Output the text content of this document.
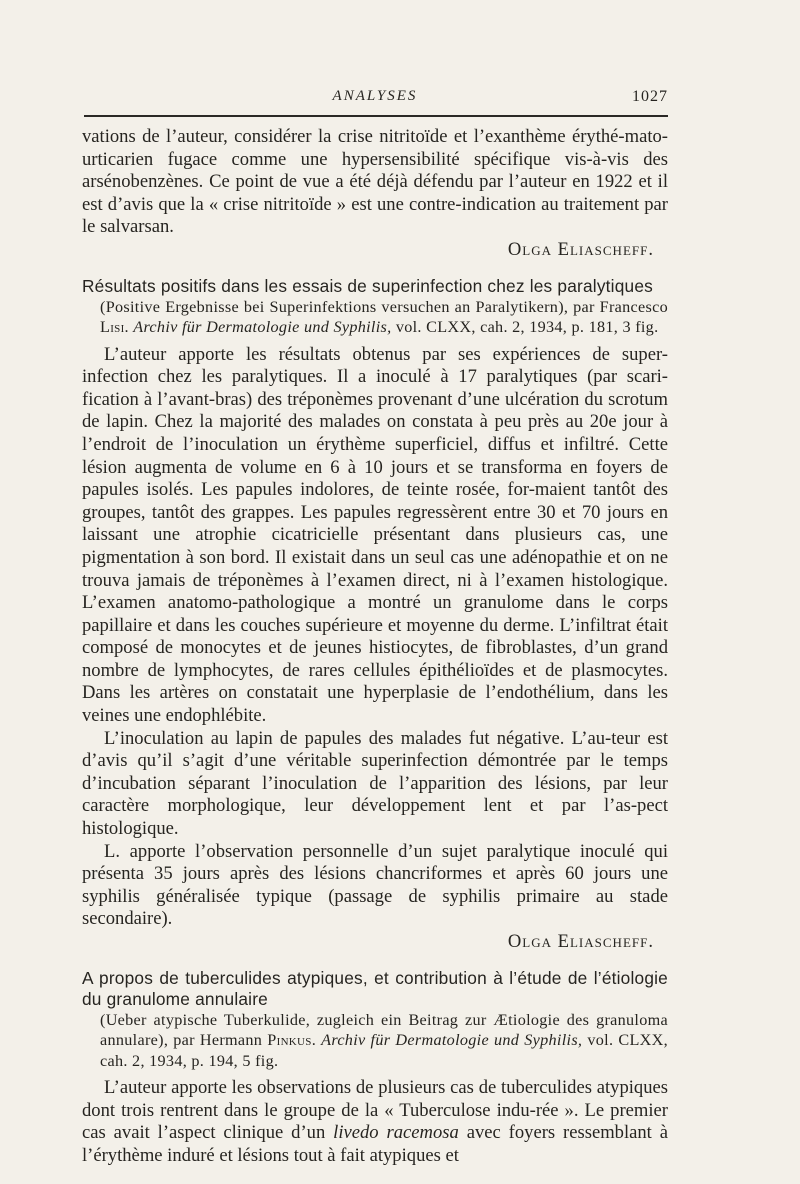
ANALYSES	1027

vations de l’auteur, considérer la crise nitritoïde et l’exanthème érythé-mato-urticarien fugace comme une hypersensibilité spécifique vis-à-vis des arsénobenzènes. Ce point de vue a été déjà défendu par l’auteur en 1922 et il est d’avis que la « crise nitritoïde » est une contre-indication au traitement par le salvarsan.

Olga Eliascheff.

Résultats positifs dans les essais de superinfection chez les paralytiques
(Positive Ergebnisse bei Superinfektions versuchen an Paralytikern), par Francesco Lisi. Archiv für Dermatologie und Syphilis, vol. CLXX, cah. 2, 1934, p. 181, 3 fig.

L’auteur apporte les résultats obtenus par ses expériences de super-infection chez les paralytiques. Il a inoculé à 17 paralytiques (par scari-fication à l’avant-bras) des tréponèmes provenant d’une ulcération du scrotum de lapin. Chez la majorité des malades on constata à peu près au 20e jour à l’endroit de l’inoculation un érythème superficiel, diffus et infiltré. Cette lésion augmenta de volume en 6 à 10 jours et se transforma en foyers de papules isolés. Les papules indolores, de teinte rosée, for-maient tantôt des groupes, tantôt des grappes. Les papules regressèrent entre 30 et 70 jours en laissant une atrophie cicatricielle présentant dans plusieurs cas, une pigmentation à son bord. Il existait dans un seul cas une adénopathie et on ne trouva jamais de tréponèmes à l’examen direct, ni à l’examen histologique. L’examen anatomo-pathologique a montré un granulome dans le corps papillaire et dans les couches supérieure et moyenne du derme. L’infiltrat était composé de monocytes et de jeunes histiocytes, de fibroblastes, d’un grand nombre de lymphocytes, de rares cellules épithélioïdes et de plasmocytes. Dans les artères on constatait une hyperplasie de l’endothélium, dans les veines une endophlébite.

L’inoculation au lapin de papules des malades fut négative. L’au-teur est d’avis qu’il s’agit d’une véritable superinfection démontrée par le temps d’incubation séparant l’inoculation de l’apparition des lésions, par leur caractère morphologique, leur développement lent et par l’as-pect histologique.

L. apporte l’observation personnelle d’un sujet paralytique inoculé qui présenta 35 jours après des lésions chancriformes et après 60 jours une syphilis généralisée typique (passage de syphilis primaire au stade secondaire).

Olga Eliascheff.

A propos de tuberculides atypiques, et contribution à l’étude de l’étiologie du granulome annulaire
(Ueber atypische Tuberkulide, zugleich ein Beitrag zur Ætiologie des granuloma annulare), par Hermann Pinkus. Archiv für Dermatologie und Syphilis, vol. CLXX, cah. 2, 1934, p. 194, 5 fig.

L’auteur apporte les observations de plusieurs cas de tuberculides atypiques dont trois rentrent dans le groupe de la « Tuberculose indu-rée ». Le premier cas avait l’aspect clinique d’un livedo racemosa avec foyers ressemblant à l’érythème induré et lésions tout à fait atypiques et
